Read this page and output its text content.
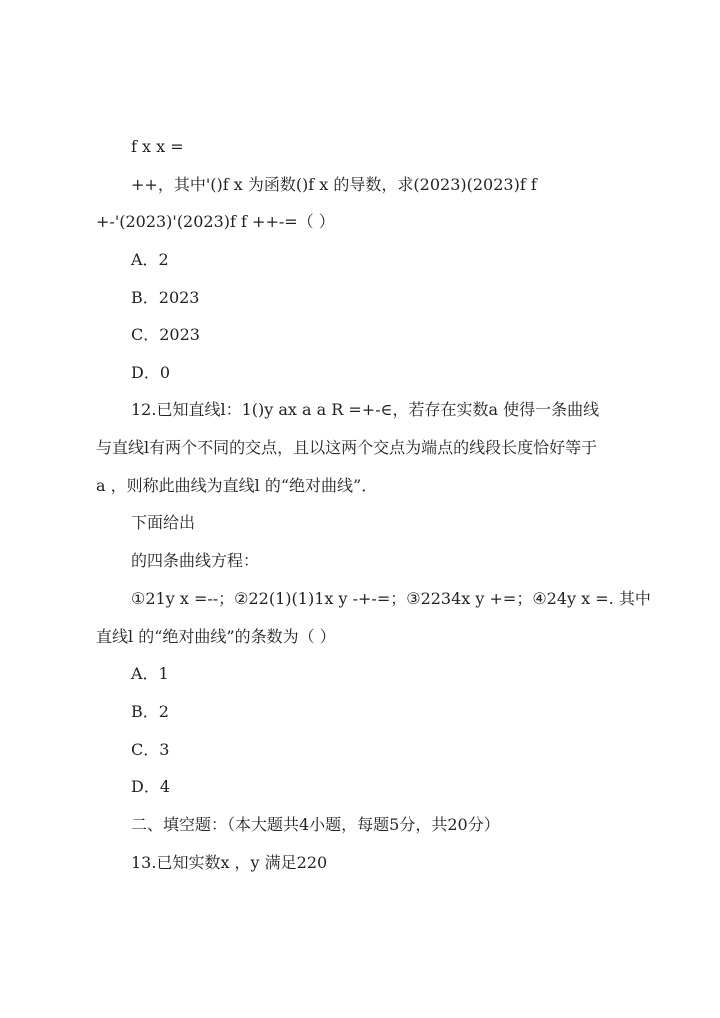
f x x =
++，其中'()f x 为函数()f x 的导数，求(2023)(2023)f f
+-'(2023)'(2023)f f ++-=（ ）
A．2
B．2023
C．2023
D．0
12.已知直线l：1()y ax a a R =+-∈，若存在实数a 使得一条曲线
与直线l有两个不同的交点，且以这两个交点为端点的线段长度恰好等于
a ，则称此曲线为直线l 的“绝对曲线”．
下面给出
的四条曲线方程：
①21y x =--；②22(1)(1)1x y -+-=；③2234x y +=；④24y x =. 其中
直线l 的“绝对曲线”的条数为（ ）
A．1
B．2
C．3
D．4
二、填空题：（本大题共4小题，每题5分，共20分）
13.已知实数x ，y 满足220
